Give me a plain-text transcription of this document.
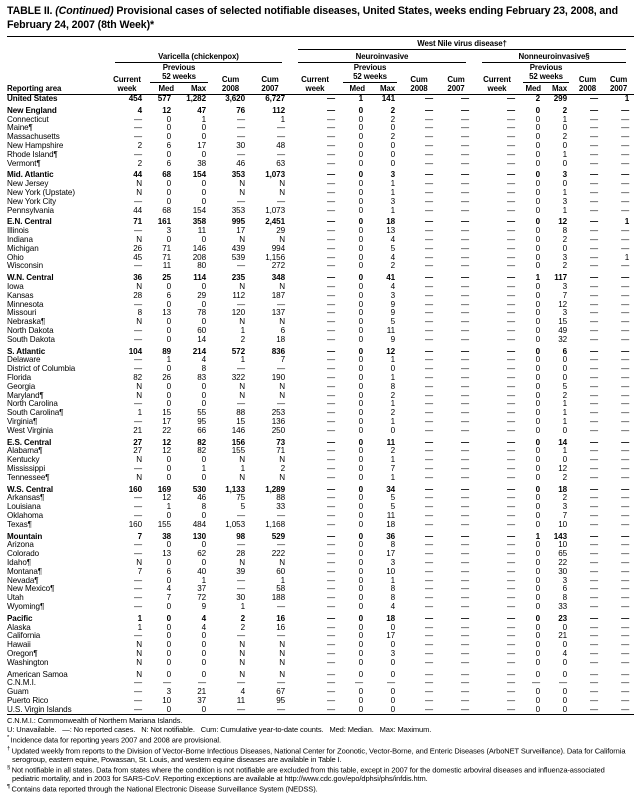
TABLE II. (Continued) Provisional cases of selected notifiable diseases, United States, weeks ending February 23, 2008, and February 24, 2007 (8th Week)*

						West Nile virus disease†									

	Varicella (chickenpox)					Neuroinvasive					Nonneuroinvasive§				

Reporting area	
Current
week

Previous
52 weeks
Med	Max

Cum
2008

Cum
2007

Current
week

Previous
52 weeks
Med	Max

Cum
2008

Cum
2007

Current
week

Previous
52 weeks
Med	Max

Cum
2008

Cum
2007

United States	454	577	1,282	3,620	6,727	—	1	141	—	—	—	2	299	—	1
New England	4	12	47	76	112	—	0	2	—	—	—	0	2	—	—
Connecticut	—	0	1	—	1	—	0	2	—	—	—	0	1	—	—
Maine¶	—	0	0	—	—	—	0	0	—	—	—	0	0	—	—
Massachusetts	—	0	0	—	—	—	0	2	—	—	—	0	2	—	—
New Hampshire	2	6	17	30	48	—	0	0	—	—	—	0	0	—	—
Rhode Island¶	—	0	0	—	—	—	0	0	—	—	—	0	1	—	—
Vermont¶	2	6	38	46	63	—	0	0	—	—	—	0	0	—	—
Mid. Atlantic	44	68	154	353	1,073	—	0	3	—	—	—	0	3	—	—
New Jersey	N	0	0	N	N	—	0	1	—	—	—	0	0	—	—
New York (Upstate)	N	0	0	N	N	—	0	1	—	—	—	0	1	—	—
New York City	—	0	0	—	—	—	0	3	—	—	—	0	3	—	—
Pennsylvania	44	68	154	353	1,073	—	0	1	—	—	—	0	1	—	—
E.N. Central	71	161	358	995	2,451	—	0	18	—	—	—	0	12	—	1
Illinois	—	3	11	17	29	—	0	13	—	—	—	0	8	—	—
Indiana	N	0	0	N	N	—	0	4	—	—	—	0	2	—	—
Michigan	26	71	146	439	994	—	0	5	—	—	—	0	0	—	—
Ohio	45	71	208	539	1,156	—	0	4	—	—	—	0	3	—	1
Wisconsin	—	11	80	—	272	—	0	2	—	—	—	0	2	—	—
W.N. Central	36	25	114	235	348	—	0	41	—	—	—	1	117	—	—
Iowa	N	0	0	N	N	—	0	4	—	—	—	0	3	—	—
Kansas	28	6	29	112	187	—	0	3	—	—	—	0	7	—	—
Minnesota	—	0	0	—	—	—	0	9	—	—	—	0	12	—	—
Missouri	8	13	78	120	137	—	0	9	—	—	—	0	3	—	—
Nebraska¶	N	0	0	N	N	—	0	5	—	—	—	0	15	—	—
North Dakota	—	0	60	1	6	—	0	11	—	—	—	0	49	—	—
South Dakota	—	0	14	2	18	—	0	9	—	—	—	0	32	—	—
S. Atlantic	104	89	214	572	836	—	0	12	—	—	—	0	6	—	—
Delaware	—	1	4	1	7	—	0	1	—	—	—	0	0	—	—
District of Columbia	—	0	8	—	—	—	0	0	—	—	—	0	0	—	—
Florida	82	26	83	322	190	—	0	1	—	—	—	0	0	—	—
Georgia	N	0	0	N	N	—	0	8	—	—	—	0	5	—	—
Maryland¶	N	0	0	N	N	—	0	2	—	—	—	0	2	—	—
North Carolina	—	0	0	—	—	—	0	1	—	—	—	0	1	—	—
South Carolina¶	1	15	55	88	253	—	0	2	—	—	—	0	1	—	—
Virginia¶	—	17	95	15	136	—	0	1	—	—	—	0	1	—	—
West Virginia	21	22	66	146	250	—	0	0	—	—	—	0	0	—	—
E.S. Central	27	12	82	156	73	—	0	11	—	—	—	0	14	—	—
Alabama¶	27	12	82	155	71	—	0	2	—	—	—	0	1	—	—
Kentucky	N	0	0	N	N	—	0	1	—	—	—	0	0	—	—
Mississippi	—	0	1	1	2	—	0	7	—	—	—	0	12	—	—
Tennessee¶	N	0	0	N	N	—	0	1	—	—	—	0	2	—	—
W.S. Central	160	169	530	1,133	1,289	—	0	34	—	—	—	0	18	—	—
Arkansas¶	—	12	46	75	88	—	0	5	—	—	—	0	2	—	—
Louisiana	—	1	8	5	33	—	0	5	—	—	—	0	3	—	—
Oklahoma	—	0	0	—	—	—	0	11	—	—	—	0	7	—	—
Texas¶	160	155	484	1,053	1,168	—	0	18	—	—	—	0	10	—	—
Mountain	7	38	130	98	529	—	0	36	—	—	—	1	143	—	—
Arizona	—	0	0	—	—	—	0	8	—	—	—	0	10	—	—
Colorado	—	13	62	28	222	—	0	17	—	—	—	0	65	—	—
Idaho¶	N	0	0	N	N	—	0	3	—	—	—	0	22	—	—
Montana¶	7	6	40	39	60	—	0	10	—	—	—	0	30	—	—
Nevada¶	—	0	1	—	1	—	0	1	—	—	—	0	3	—	—
New Mexico¶	—	4	37	—	58	—	0	8	—	—	—	0	6	—	—
Utah	—	7	72	30	188	—	0	8	—	—	—	0	8	—	—
Wyoming¶	—	0	9	1	—	—	0	4	—	—	—	0	33	—	—
Pacific	1	0	4	2	16	—	0	18	—	—	—	0	23	—	—
Alaska	1	0	4	2	16	—	0	0	—	—	—	0	0	—	—
California	—	0	0	—	—	—	0	17	—	—	—	0	21	—	—
Hawaii	N	0	0	N	N	—	0	0	—	—	—	0	0	—	—
Oregon¶	N	0	0	N	N	—	0	3	—	—	—	0	4	—	—
Washington	N	0	0	N	N	—	0	0	—	—	—	0	0	—	—
American Samoa	N	0	0	N	N	—	0	0	—	—	—	0	0	—	—
C.N.M.I.	—	—	—	—	—	—	—	—	—	—	—	—	—	—	—
Guam	—	3	21	4	67	—	0	0	—	—	—	0	0	—	—
Puerto Rico	—	10	37	11	95	—	0	0	—	—	—	0	0	—	—
U.S. Virgin Islands	—	0	0	—	—	—	0	0	—	—	—	0	0	—	—
C.N.M.I.: Commonwealth of Northern Mariana Islands.
U: Unavailable.   —: No reported cases.   N: Not notifiable.   Cum: Cumulative year-to-date counts.   Med: Median.   Max: Maximum.
* Incidence data for reporting years 2007 and 2008 are provisional.
† Updated weekly from reports to the Division of Vector-Borne Infectious Diseases, National Center for Zoonotic, Vector-Borne, and Enteric Diseases (ArboNET Surveillance). Data for California serogroup, eastern equine, Powassan, St. Louis, and western equine diseases are available in Table I.
§ Not notifiable in all states. Data from states where the condition is not notifiable are excluded from this table, except in 2007 for the domestic arboviral diseases and influenza-associated pediatric mortality, and in 2003 for SARS-CoV. Reporting exceptions are available at http://www.cdc.gov/epo/dphsi/phs/infdis.htm.
¶ Contains data reported through the National Electronic Disease Surveillance System (NEDSS).
